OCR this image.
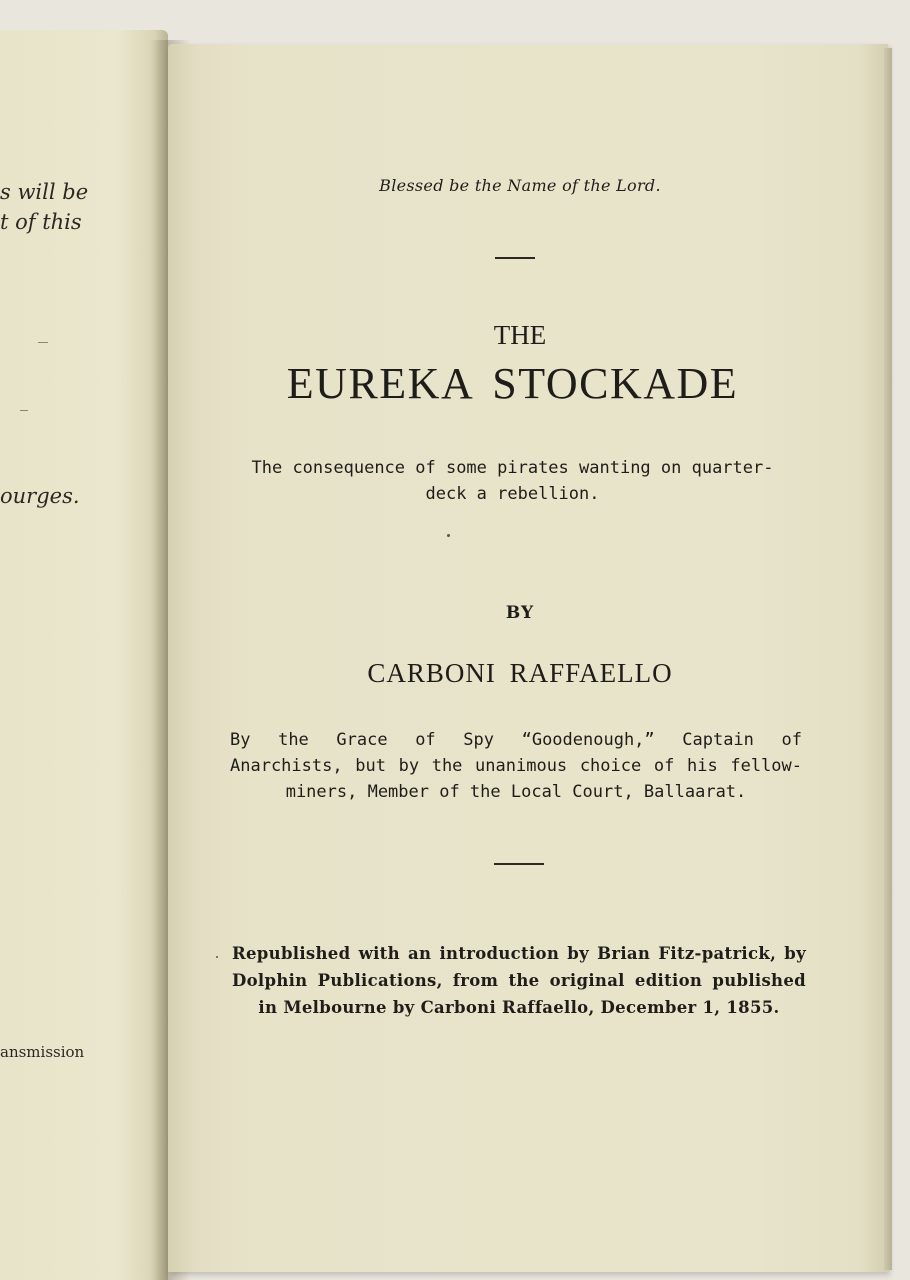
s will be
t of this
ourges.
ansmission
Blessed be the Name of the Lord.
THE
EUREKA STOCKADE
The consequence of some pirates wanting on quarter-deck a rebellion.
BY
CARBONI RAFFAELLO
By the Grace of Spy “Goodenough,” Captain of Anarchists, but by the unanimous choice of his fellow-miners, Member of the Local Court, Ballaarat.
Republished with an introduction by Brian Fitz-patrick, by Dolphin Publications, from the original edition published in Melbourne by Carboni Raffaello, December 1, 1855.
